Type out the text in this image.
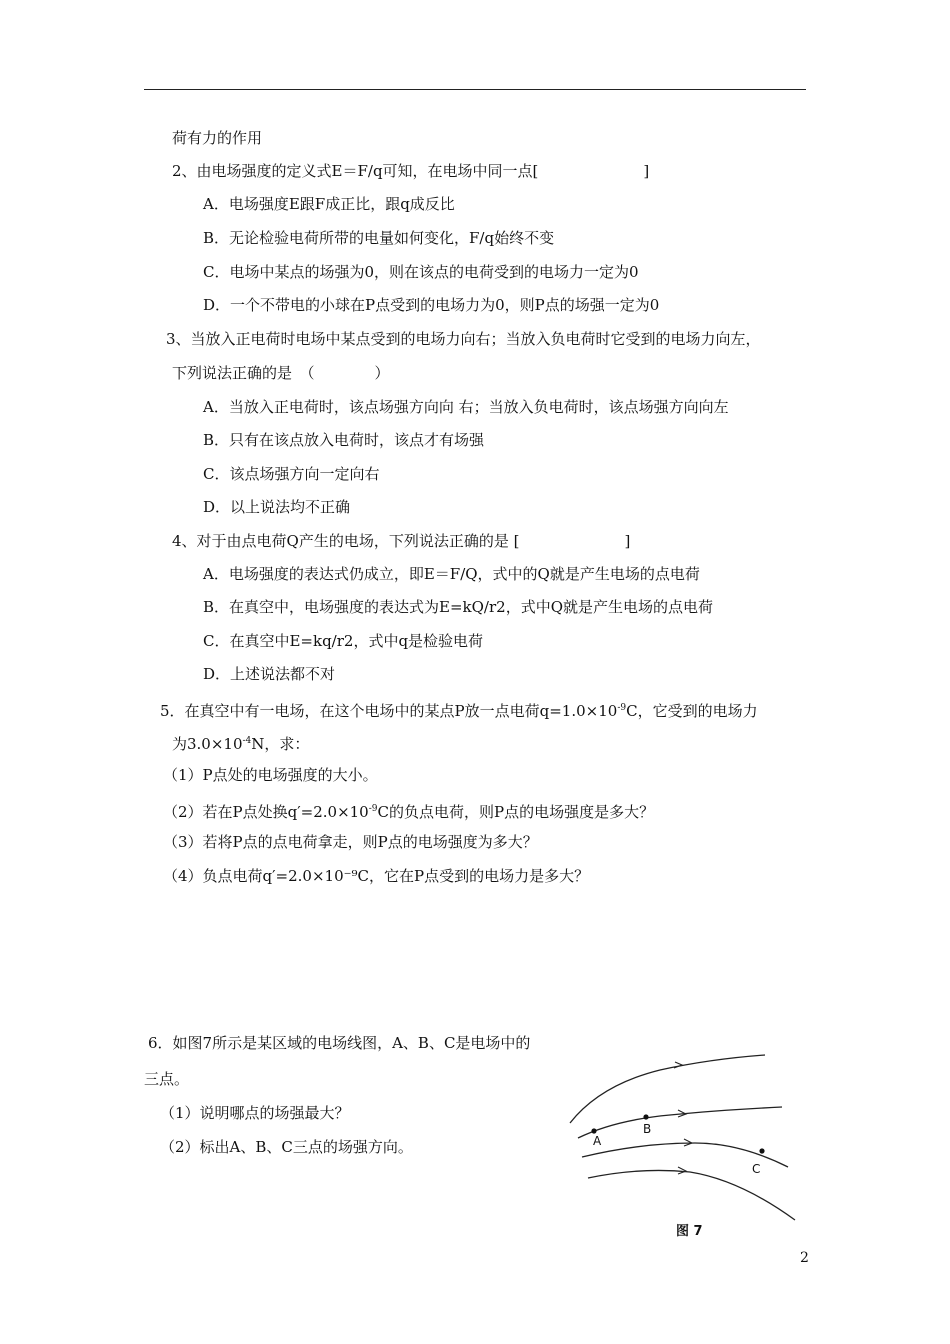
荷有力的作用
2、由电场强度的定义式E＝F/q可知，在电场中同一点[　　　　　　　]
A．电场强度E跟F成正比，跟q成反比
B．无论检验电荷所带的电量如何变化，F/q始终不变
C．电场中某点的场强为0，则在该点的电荷受到的电场力一定为0
D．一个不带电的小球在P点受到的电场力为0，则P点的场强一定为0
3、当放入正电荷时电场中某点受到的电场力向右；当放入负电荷时它受到的电场力向左，
下列说法正确的是　（　　　　）
A．当放入正电荷时，该点场强方向向 右；当放入负电荷时，该点场强方向向左
B．只有在该点放入电荷时，该点才有场强
C．该点场强方向一定向右
D．以上说法均不正确
4、对于由点电荷Q产生的电场，下列说法正确的是 [　　　　　　　]
A．电场强度的表达式仍成立，即E＝F/Q，式中的Q就是产生电场的点电荷
B．在真空中，电场强度的表达式为E=kQ/r2，式中Q就是产生电场的点电荷
C．在真空中E=kq/r2，式中q是检验电荷
D．上述说法都不对
5．在真空中有一电场，在这个电场中的某点P放一点电荷$q=1.0\times 10^{-9}C$，它受到的电场力
为$3.0\times 10^{-4}N$，求：
（1）P点处的电场强度的大小。
（2）若在P点处换$q'=2.0\times 10^{-9}C$的负点电荷，则P点的电场强度是多大？
（3）若将P点的点电荷拿走，则P点的电场强度为多大？
（4）负点电荷q′=2.0×10⁻⁹C，它在P点受到的电场力是多大？
6．如图7所示是某区域的电场线图，A、B、C是电场中的
三点。
（1）说明哪点的场强最大？
（2）标出A、B、C三点的场强方向。	A
B
C
图 7
2
